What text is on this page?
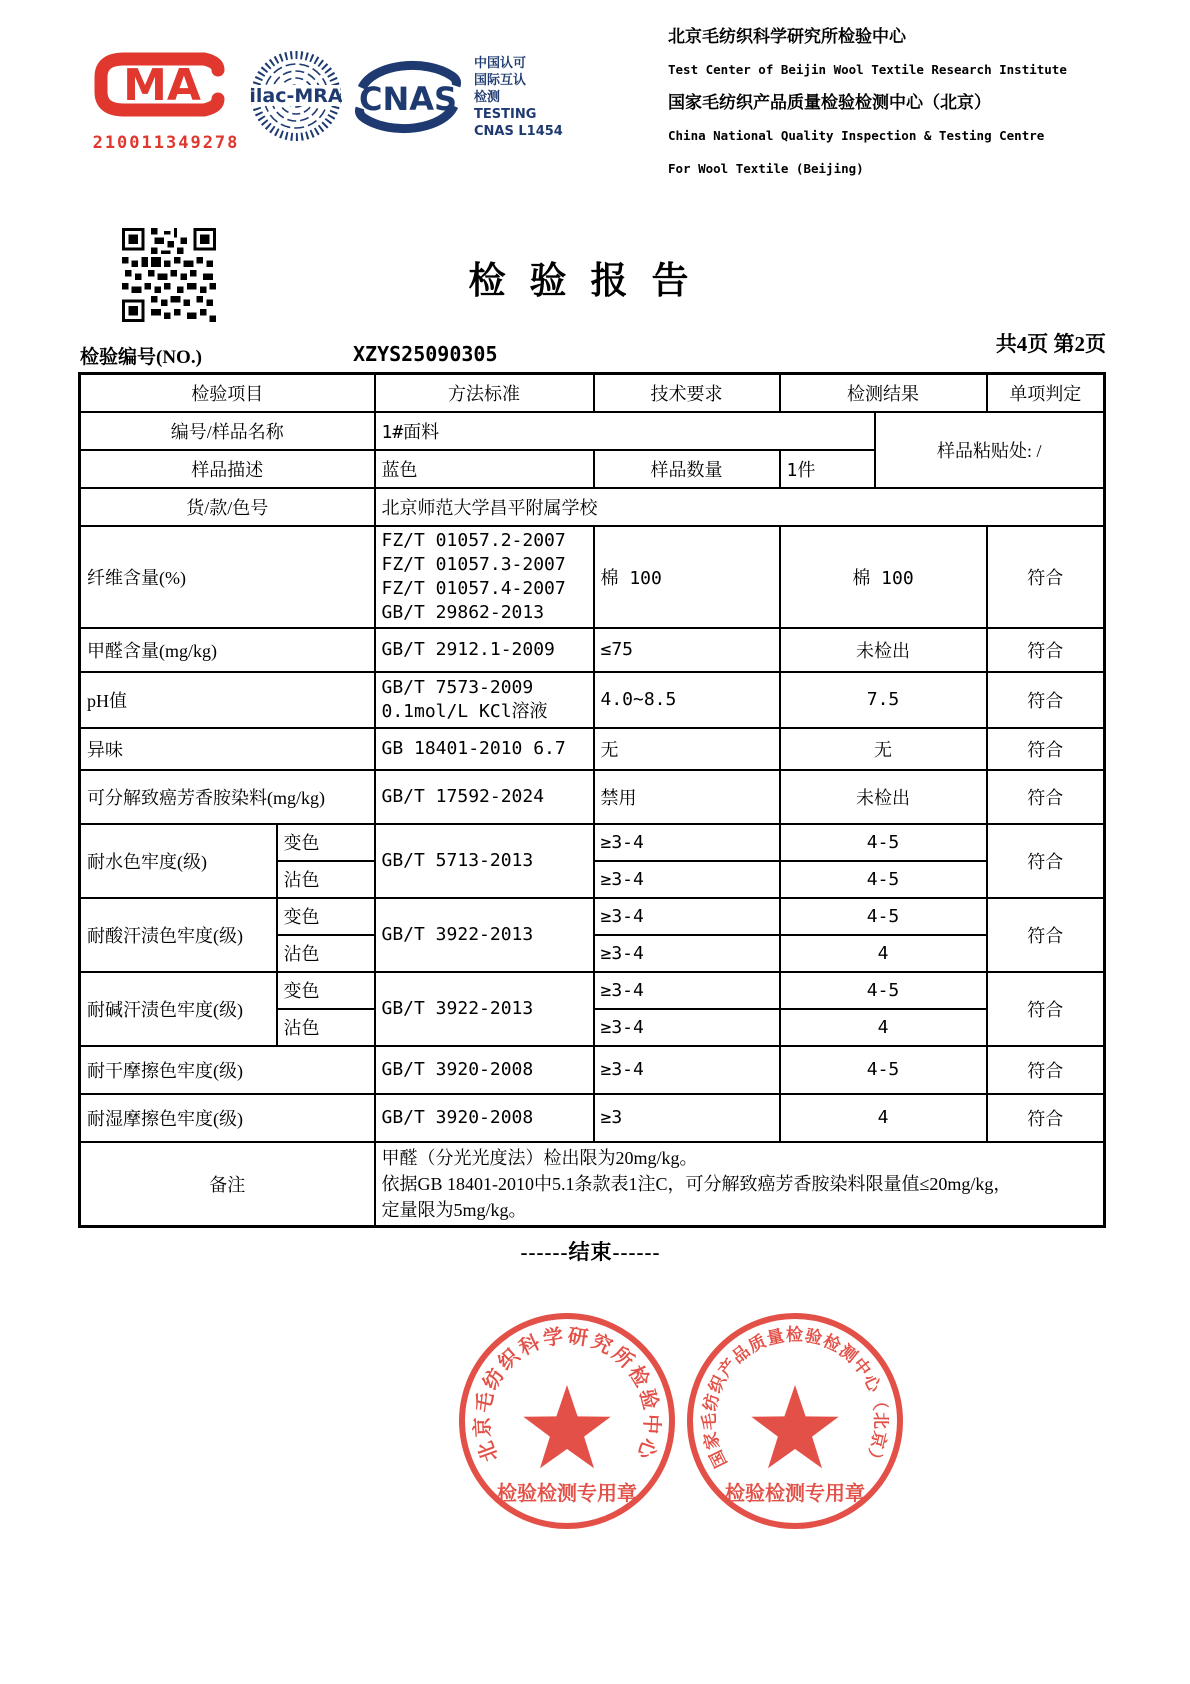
MA
210011349278
ilac-MRA CNAS
中国认可
国际互认
检测
TESTING
CNAS L1454
北京毛纺织科学研究所检验中心
Test Center of Beijin Wool Textile Research Institute
国家毛纺织产品质量检验检测中心（北京）
China National Quality Inspection & Testing Centre
For Wool Textile (Beijing)
检验报告
共4页 第2页
检验编号(NO.)	XZYS25090305
检验项目		方法标准	技术要求	检测结果		单项判定
编号/样品名称		1#面料			样品粘贴处: /	
样品描述		蓝色	样品数量	1件		
货/款/色号		北京师范大学昌平附属学校				
纤维含量(%)		FZ/T 01057.2-2007
FZ/T 01057.3-2007
FZ/T 01057.4-2007
GB/T 29862-2013	棉 100	棉 100		符合
甲醛含量(mg/kg)		GB/T 2912.1-2009	≤75	未检出		符合
pH值		GB/T 7573-2009
0.1mol/L KCl溶液	4.0~8.5	7.5		符合
异味		GB 18401-2010 6.7	无	无		符合
可分解致癌芳香胺染料(mg/kg)		GB/T 17592-2024	禁用	未检出		符合
耐水色牢度(级)	变色	GB/T 5713-2013	≥3-4	4-5		符合
	沾色		≥3-4	4-5		
耐酸汗渍色牢度(级)	变色	GB/T 3922-2013	≥3-4	4-5		符合
	沾色		≥3-4	4		
耐碱汗渍色牢度(级)	变色	GB/T 3922-2013	≥3-4	4-5		符合
	沾色		≥3-4	4		
耐干摩擦色牢度(级)		GB/T 3920-2008	≥3-4	4-5		符合
耐湿摩擦色牢度(级)		GB/T 3920-2008	≥3	4		符合
备注		甲醛（分光光度法）检出限为20mg/kg。
依据GB 18401-2010中5.1条款表1注C，可分解致癌芳香胺染料限量值≤20mg/kg，
定量限为5mg/kg。				
------结束------
北京毛纺织科学研究所检验中心
检验检测专用章
国家毛纺织产品质量检验检测中心（北京）
检验检测专用章
